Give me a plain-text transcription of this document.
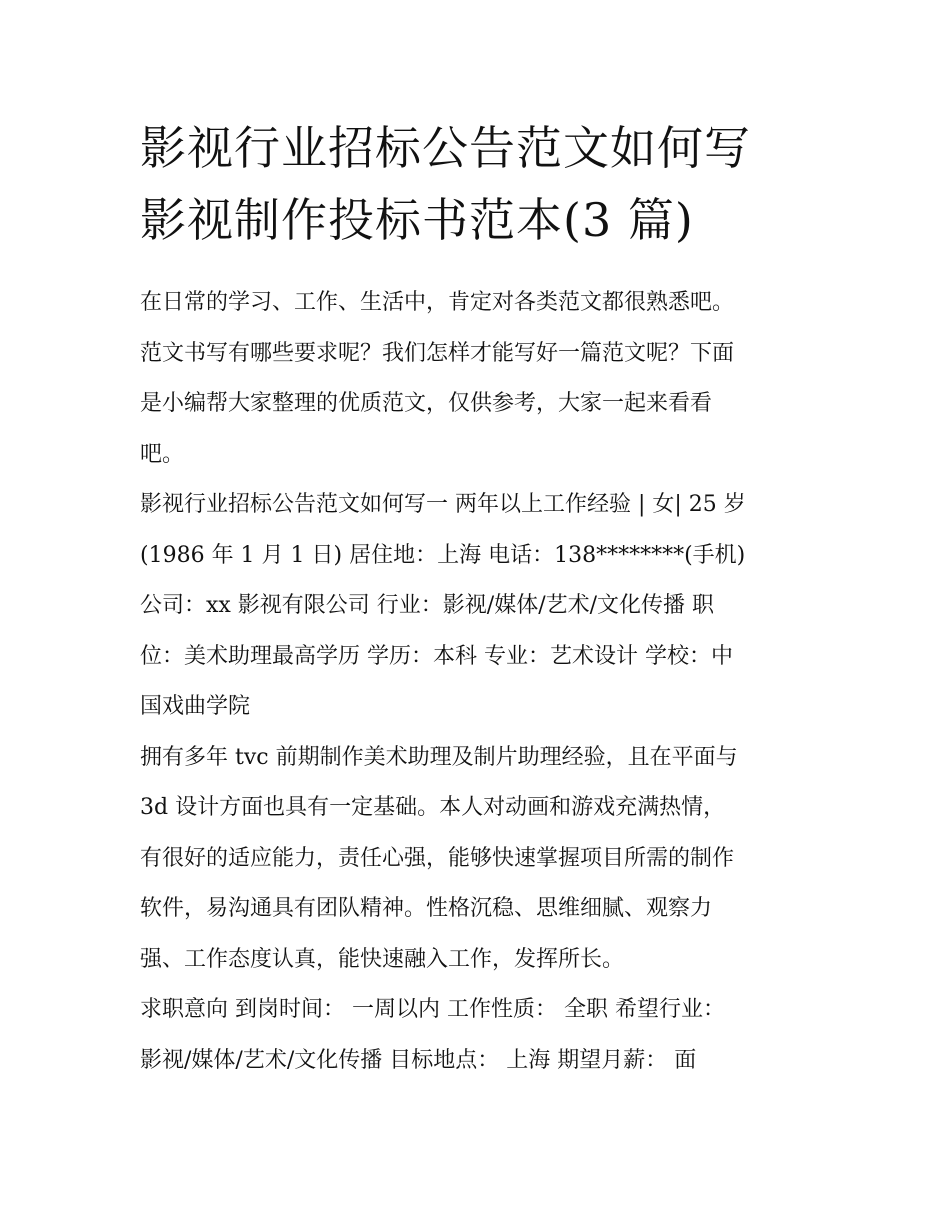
影视行业招标公告范文如何写
影视制作投标书范本(3 篇)

在日常的学习、工作、生活中，肯定对各类范文都很熟悉吧。
范文书写有哪些要求呢？我们怎样才能写好一篇范文呢？下面
是小编帮大家整理的优质范文，仅供参考，大家一起来看看
吧。

影视行业招标公告范文如何写一 两年以上工作经验 | 女| 25 岁
(1986 年 1 月 1 日) 居住地：上海 电话：138********(手机)
公司：xx 影视有限公司 行业：影视/媒体/艺术/文化传播 职
位：美术助理最高学历 学历：本科 专业：艺术设计 学校：中
国戏曲学院

拥有多年 tvc 前期制作美术助理及制片助理经验，且在平面与
3d 设计方面也具有一定基础。本人对动画和游戏充满热情，
有很好的适应能力，责任心强，能够快速掌握项目所需的制作
软件，易沟通具有团队精神。性格沉稳、思维细腻、观察力
强、工作态度认真，能快速融入工作，发挥所长。

求职意向 到岗时间： 一周以内 工作性质： 全职 希望行业：
影视/媒体/艺术/文化传播 目标地点： 上海 期望月薪： 面
